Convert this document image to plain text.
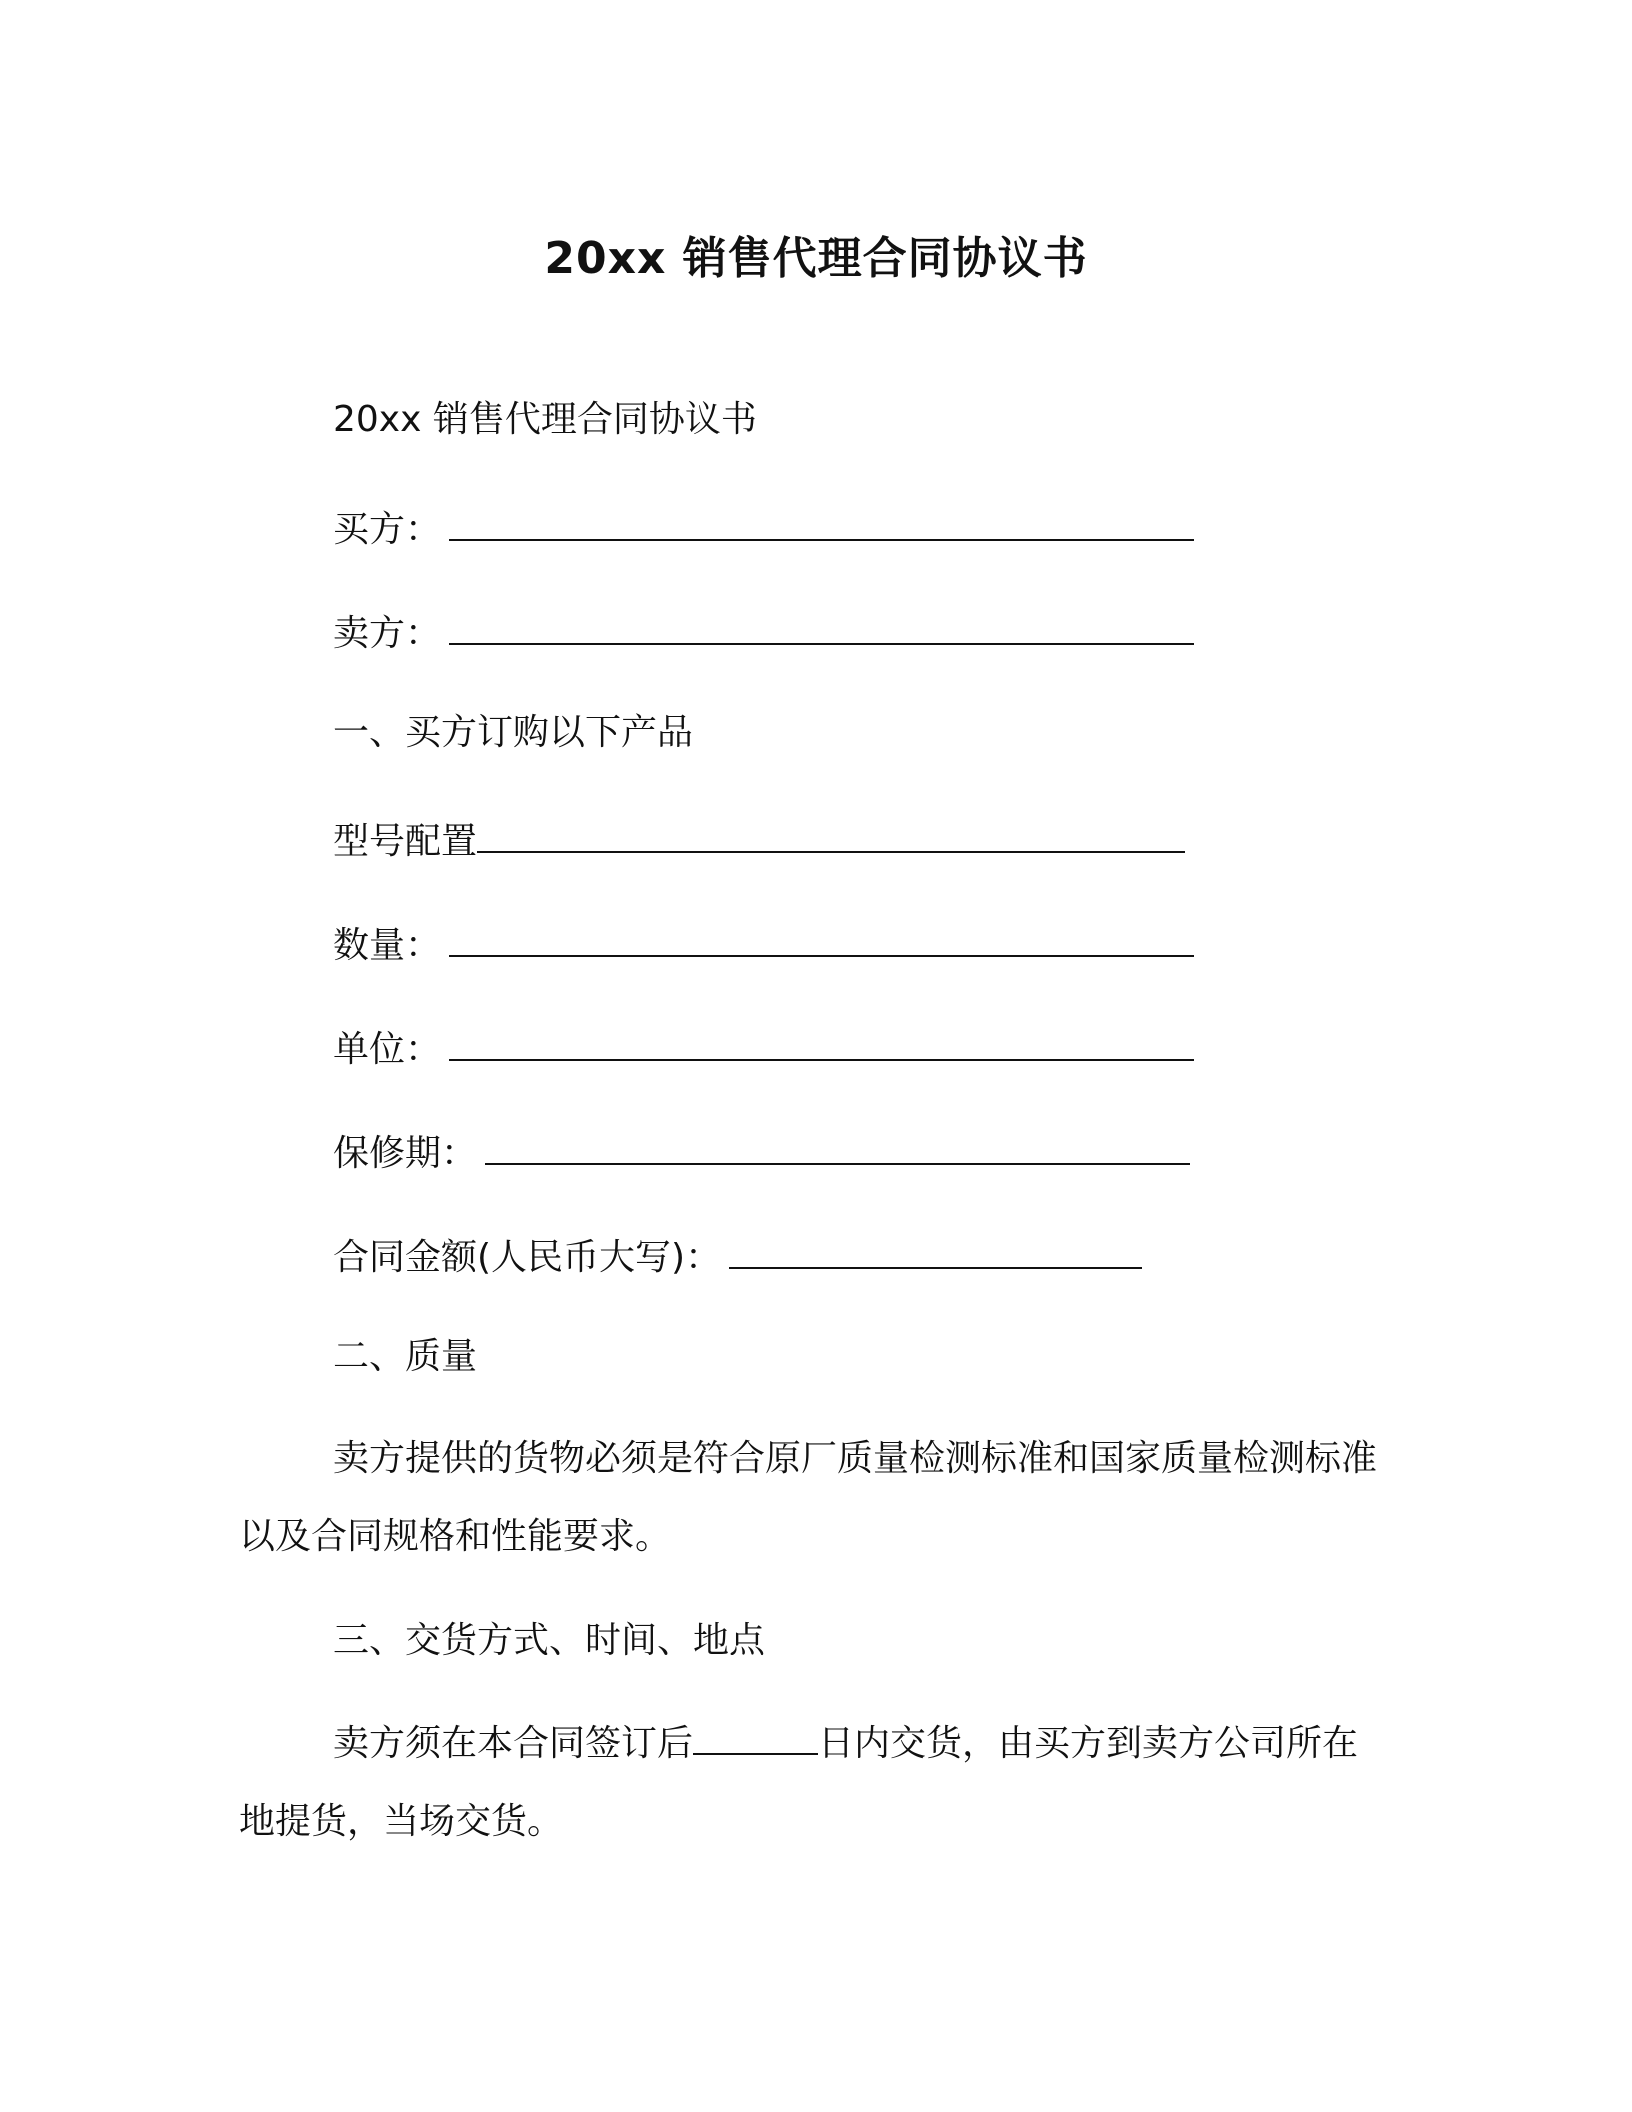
20xx 销售代理合同协议书
20xx 销售代理合同协议书
买方：
卖方：
一、买方订购以下产品
型号配置
数量：
单位：
保修期：
合同金额(人民币大写)：
二、质量
卖方提供的货物必须是符合原厂质量检测标准和国家质量检测标准以及合同规格和性能要求。
三、交货方式、时间、地点
卖方须在本合同签订后	日内交货，由买方到卖方公司所在地提货，当场交货。
